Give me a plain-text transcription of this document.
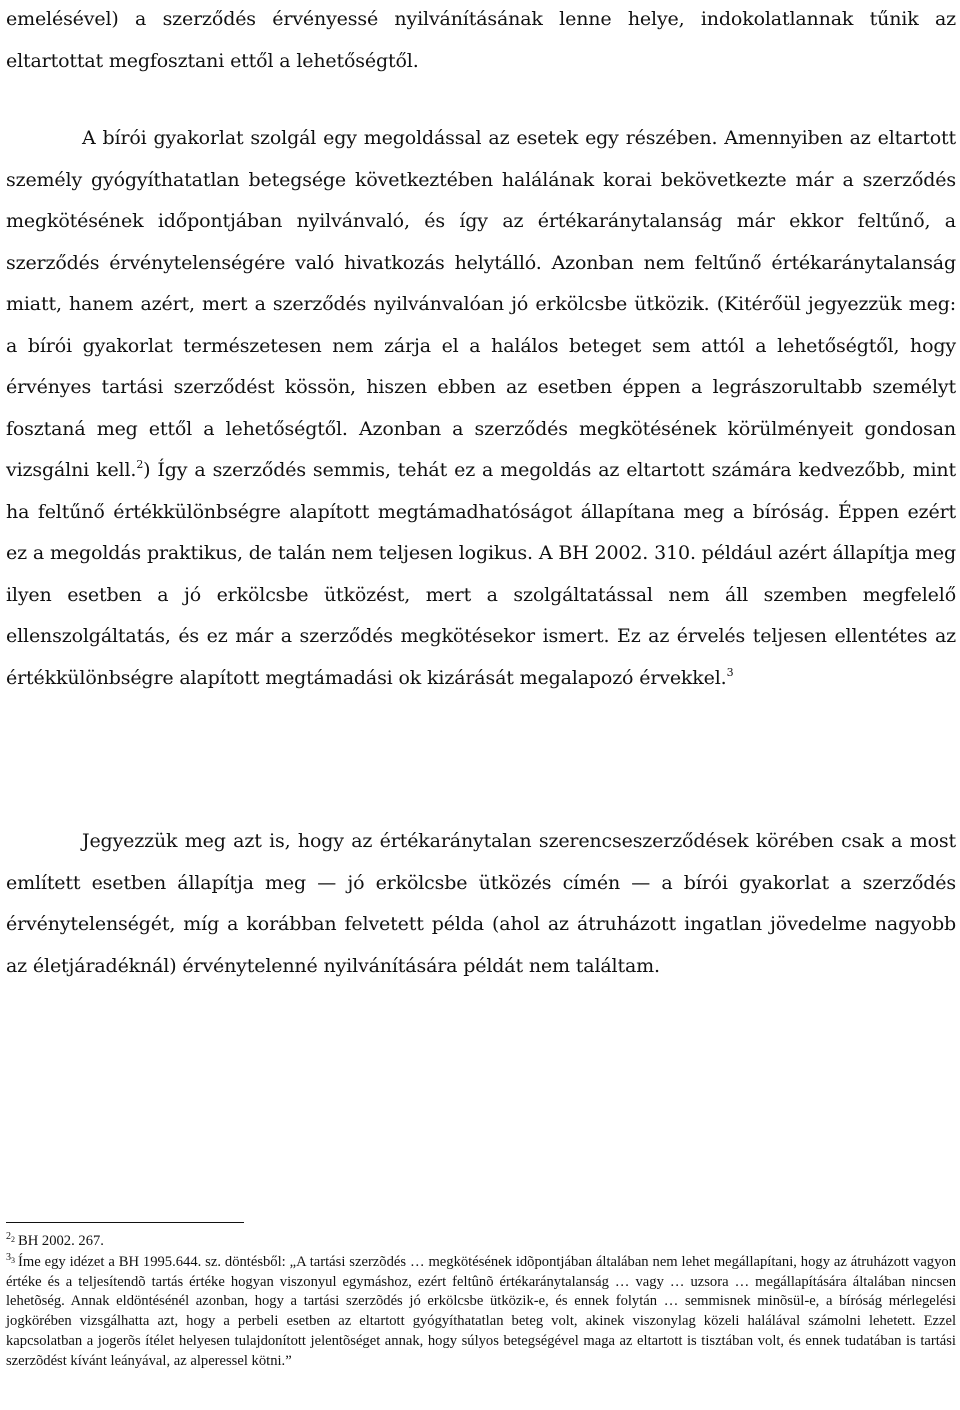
emelésével) a szerződés érvényessé nyilvánításának lenne helye, indokolatlannak tűnik az eltartottat megfosztani ettől a lehetőségtől.

A bírói gyakorlat szolgál egy megoldással az esetek egy részében. Amennyiben az eltartott személy gyógyíthatatlan betegsége következtében halálának korai bekövetkezte már a szerződés megkötésének időpontjában nyilvánvaló, és így az értékaránytalanság már ekkor feltűnő, a szerződés érvénytelenségére való hivatkozás helytálló. Azonban nem feltűnő értékaránytalanság miatt, hanem azért, mert a szerződés nyilvánvalóan jó erkölcsbe ütközik. (Kitérőül jegyezzük meg: a bírói gyakorlat természetesen nem zárja el a halálos beteget sem attól a lehetőségtől, hogy érvényes tartási szerződést kössön, hiszen ebben az esetben éppen a legrászorultabb személyt fosztaná meg ettől a lehetőségtől. Azonban a szerződés megkötésének körülményeit gondosan vizsgálni kell.$^2$) Így a szerződés semmis, tehát ez a megoldás az eltartott számára kedvezőbb, mint ha feltűnő értékkülönbségre alapított megtámadhatóságot állapítana meg a bíróság. Éppen ezért ez a megoldás praktikus, de talán nem teljesen logikus. A BH 2002. 310. például azért állapítja meg ilyen esetben a jó erkölcsbe ütközést, mert a szolgáltatással nem áll szemben megfelelő ellenszolgáltatás, és ez már a szerződés megkötésekor ismert. Ez az érvelés teljesen ellentétes az értékkülönbségre alapított megtámadási ok kizárását megalapozó érvekkel.$^3$

Jegyezzük meg azt is, hogy az értékaránytalan szerencseszerződések körében csak a most említett esetben állapítja meg — jó erkölcsbe ütközés címén — a bírói gyakorlat a szerződés érvénytelenségét, míg a korábban felvetett példa (ahol az átruházott ingatlan jövedelme nagyobb az életjáradéknál) érvénytelenné nyilvánítására példát nem találtam.

$^{2_2}$ BH 2002. 267.

$^{3_3}$ Íme egy idézet a BH 1995.644. sz. döntésből: „A tartási szerzõdés … megkötésének idõpontjában általában nem lehet megállapítani, hogy az átruházott vagyon értéke és a teljesítendõ tartás értéke hogyan viszonyul egymáshoz, ezért feltûnõ értékaránytalanság … vagy … uzsora … megállapítására általában nincsen lehetõség. Annak eldöntésénél azonban, hogy a tartási szerzõdés jó erkölcsbe ütközik-e, és ennek folytán … semmisnek minõsül-e, a bíróság mérlegelési jogkörében vizsgálhatta azt, hogy a perbeli esetben az eltartott gyógyíthatatlan beteg volt, akinek viszonylag közeli halálával számolni lehetett. Ezzel kapcsolatban a jogerõs ítélet helyesen tulajdonított jelentõséget annak, hogy súlyos betegségével maga az eltartott is tisztában volt, és ennek tudatában is tartási szerzõdést kívánt leányával, az alperessel kötni.”
